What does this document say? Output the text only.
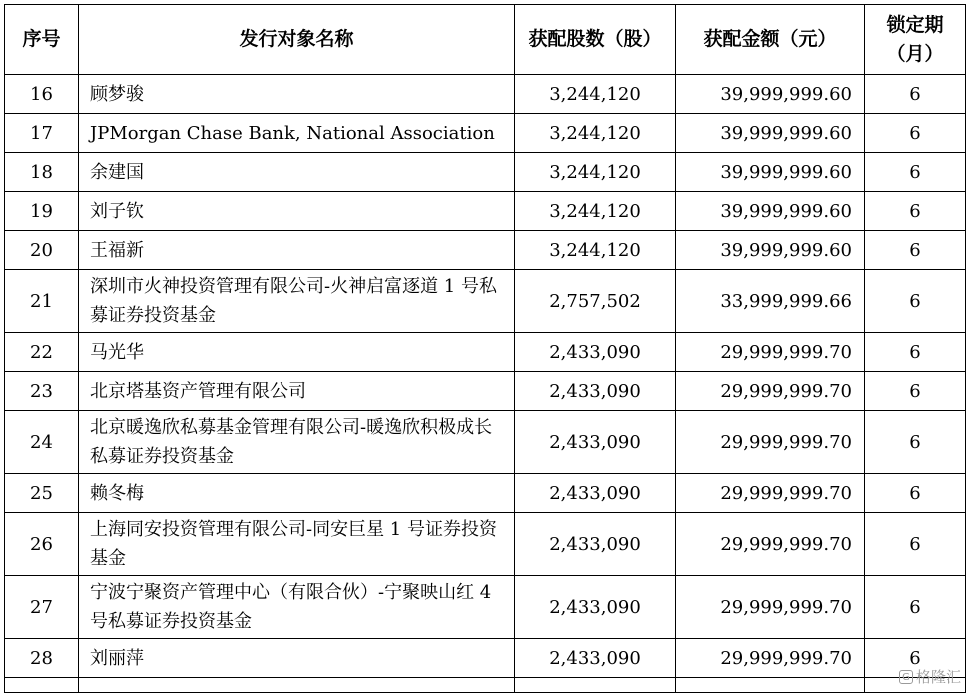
序号	发行对象名称	获配股数（股）	获配金额（元）	锁定期
（月）
16	顾梦骏	3,244,120	39,999,999.60	6
17	JPMorgan Chase Bank, National Association	3,244,120	39,999,999.60	6
18	余建国	3,244,120	39,999,999.60	6
19	刘子钦	3,244,120	39,999,999.60	6
20	王福新	3,244,120	39,999,999.60	6
21	深圳市火神投资管理有限公司-火神启富逐道 1 号私募证券投资基金	2,757,502	33,999,999.66	6
22	马光华	2,433,090	29,999,999.70	6
23	北京塔基资产管理有限公司	2,433,090	29,999,999.70	6
24	北京暖逸欣私募基金管理有限公司-暖逸欣积极成长私募证券投资基金	2,433,090	29,999,999.70	6
25	赖冬梅	2,433,090	29,999,999.70	6
26	上海同安投资管理有限公司-同安巨星 1 号证券投资基金	2,433,090	29,999,999.70	6
27	宁波宁聚资产管理中心（有限合伙）-宁聚映山红 4 号私募证券投资基金	2,433,090	29,999,999.70	6
28	刘丽萍	2,433,090	29,999,999.70	6

G 格隆汇
